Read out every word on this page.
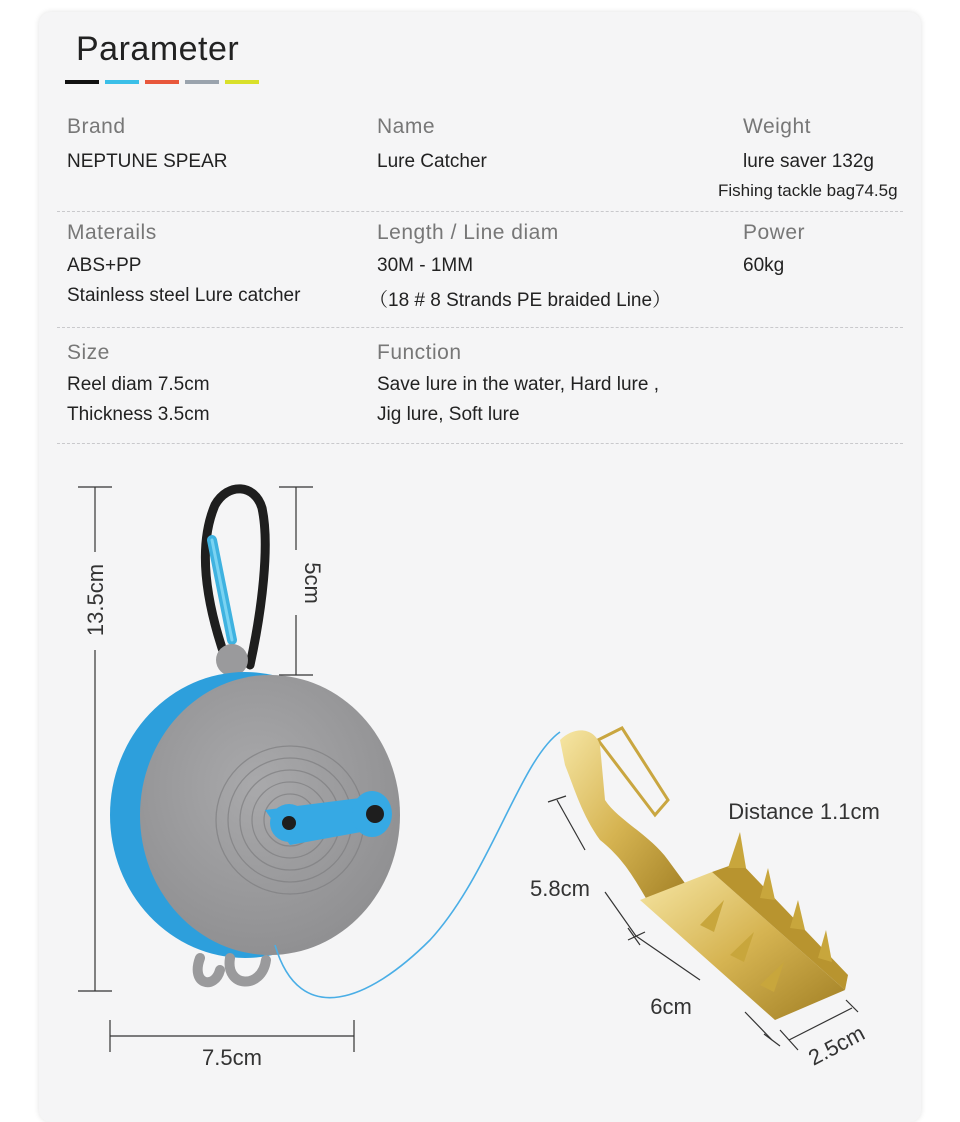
Parameter
Brand
NEPTUNE SPEAR
Name
Lure Catcher
Weight
lure saver 132g
Fishing tackle bag74.5g
Materails
ABS+PP
Stainless steel Lure catcher
Length / Line diam
30M - 1MM
（18 # 8 Strands PE braided Line）
Power
60kg
Size
Reel diam 7.5cm
Thickness 3.5cm
Function
Save lure in the water, Hard lure ,
Jig lure, Soft lure
13.5cm	5cm
7.5cm
5.8cm
6cm
2.5cm
Distance 1.1cm
